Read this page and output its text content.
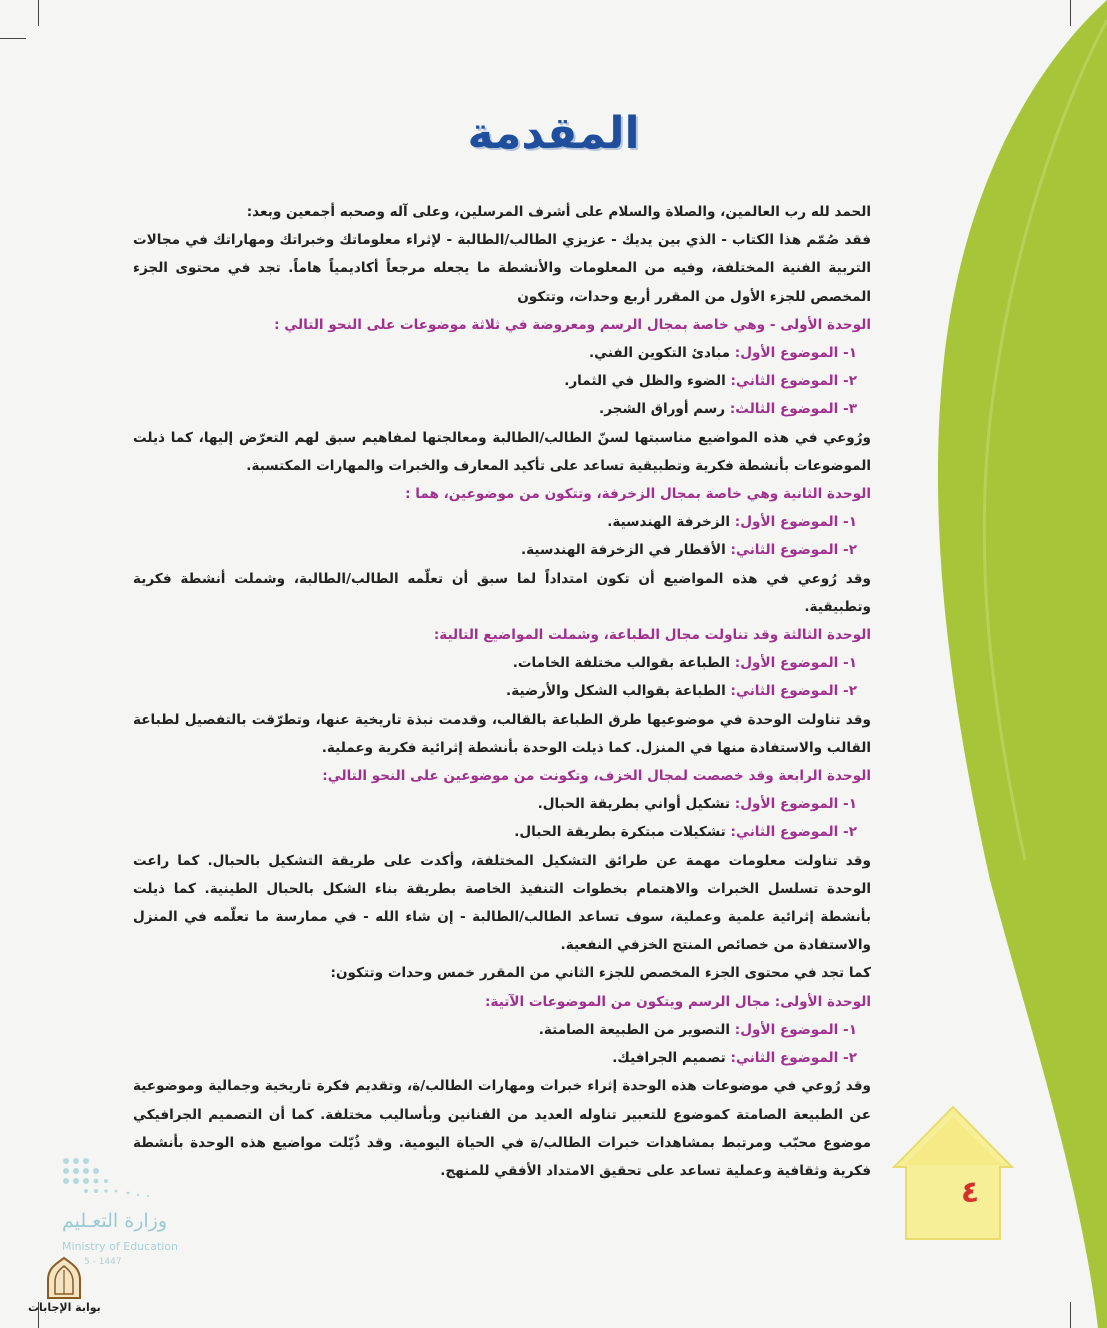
المقدمة

الحمد لله رب العالمين، والصلاة والسلام على أشرف المرسلين، وعلى آله وصحبه أجمعين وبعد:

فقد صُمّم هذا الكتاب - الذي بين يديك - عزيزي الطالب/الطالبة - لإثراء معلوماتك وخبراتك ومهاراتك في مجالات التربية الفنية المختلفة، وفيه من المعلومات والأنشطة ما يجعله مرجعاً أكاديمياً هاماً. تجد في محتوى الجزء المخصص للجزء الأول من المقرر أربع وحدات، وتتكون

الوحدة الأولى - وهي خاصة بمجال الرسم ومعروضة في ثلاثة موضوعات على النحو التالي :

١- الموضوع الأول: مبادئ التكوين الفني.

٢- الموضوع الثاني: الضوء والظل في الثمار.

٣- الموضوع الثالث: رسم أوراق الشجر.

ورُوعي في هذه المواضيع مناسبتها لسنّ الطالب/الطالبة ومعالجتها لمفاهيم سبق لهم التعرّض إليها، كما ذيلت الموضوعات بأنشطة فكرية وتطبيقية تساعد على تأكيد المعارف والخبرات والمهارات المكتسبة.

الوحدة الثانية وهي خاصة بمجال الزخرفة، وتتكون من موضوعين، هما :

١- الموضوع الأول: الزخرفة الهندسية.

٢- الموضوع الثاني: الأقطار في الزخرفة الهندسية.

وقد رُوعي في هذه المواضيع أن تكون امتداداً لما سبق أن تعلّمه الطالب/الطالبة، وشملت أنشطة فكرية وتطبيقية.

الوحدة الثالثة وقد تناولت مجال الطباعة، وشملت المواضيع التالية:

١- الموضوع الأول: الطباعة بقوالب مختلفة الخامات.

٢- الموضوع الثاني: الطباعة بقوالب الشكل والأرضية.

وقد تناولت الوحدة في موضوعيها طرق الطباعة بالقالب، وقدمت نبذة تاريخية عنها، وتطرّقت بالتفصيل لطباعة القالب والاستفادة منها في المنزل. كما ذيلت الوحدة بأنشطة إثرائية فكرية وعملية.

الوحدة الرابعة وقد خصصت لمجال الخزف، وتكونت من موضوعين على النحو التالي:

١- الموضوع الأول: تشكيل أواني بطريقة الحبال.

٢- الموضوع الثاني: تشكيلات مبتكرة بطريقة الحبال.

وقد تناولت معلومات مهمة عن طرائق التشكيل المختلفة، وأكدت على طريقة التشكيل بالحبال. كما راعت الوحدة تسلسل الخبرات والاهتمام بخطوات التنفيذ الخاصة بطريقة بناء الشكل بالحبال الطينية. كما ذيلت بأنشطة إثرائية علمية وعملية، سوف تساعد الطالب/الطالبة - إن شاء الله - في ممارسة ما تعلّمه في المنزل والاستفادة من خصائص المنتج الخزفي النفعية.

كما تجد في محتوى الجزء المخصص للجزء الثاني من المقرر خمس وحدات وتتكون:

الوحدة الأولى: مجال الرسم ويتكون من الموضوعات الآتية:

١- الموضوع الأول: التصوير من الطبيعة الصامتة.

٢- الموضوع الثاني: تصميم الجرافيك.

وقد رُوعي في موضوعات هذه الوحدة إثراء خبرات ومهارات الطالب/ة، وتقديم فكرة تاريخية وجمالية وموضوعية عن الطبيعة الصامتة كموضوع للتعبير تناوله العديد من الفنانين وبأساليب مختلفة. كما أن التصميم الجرافيكي موضوع محبّب ومرتبط بمشاهدات خبرات الطالب/ة في الحياة اليومية. وقد ذُيّلت مواضيع هذه الوحدة بأنشطة فكرية وثقافية وعملية تساعد على تحقيق الامتداد الأفقي للمنهج.

٤
وزارة التعـليم
Ministry of Education
5 - 1447
بوابة الإجابات
